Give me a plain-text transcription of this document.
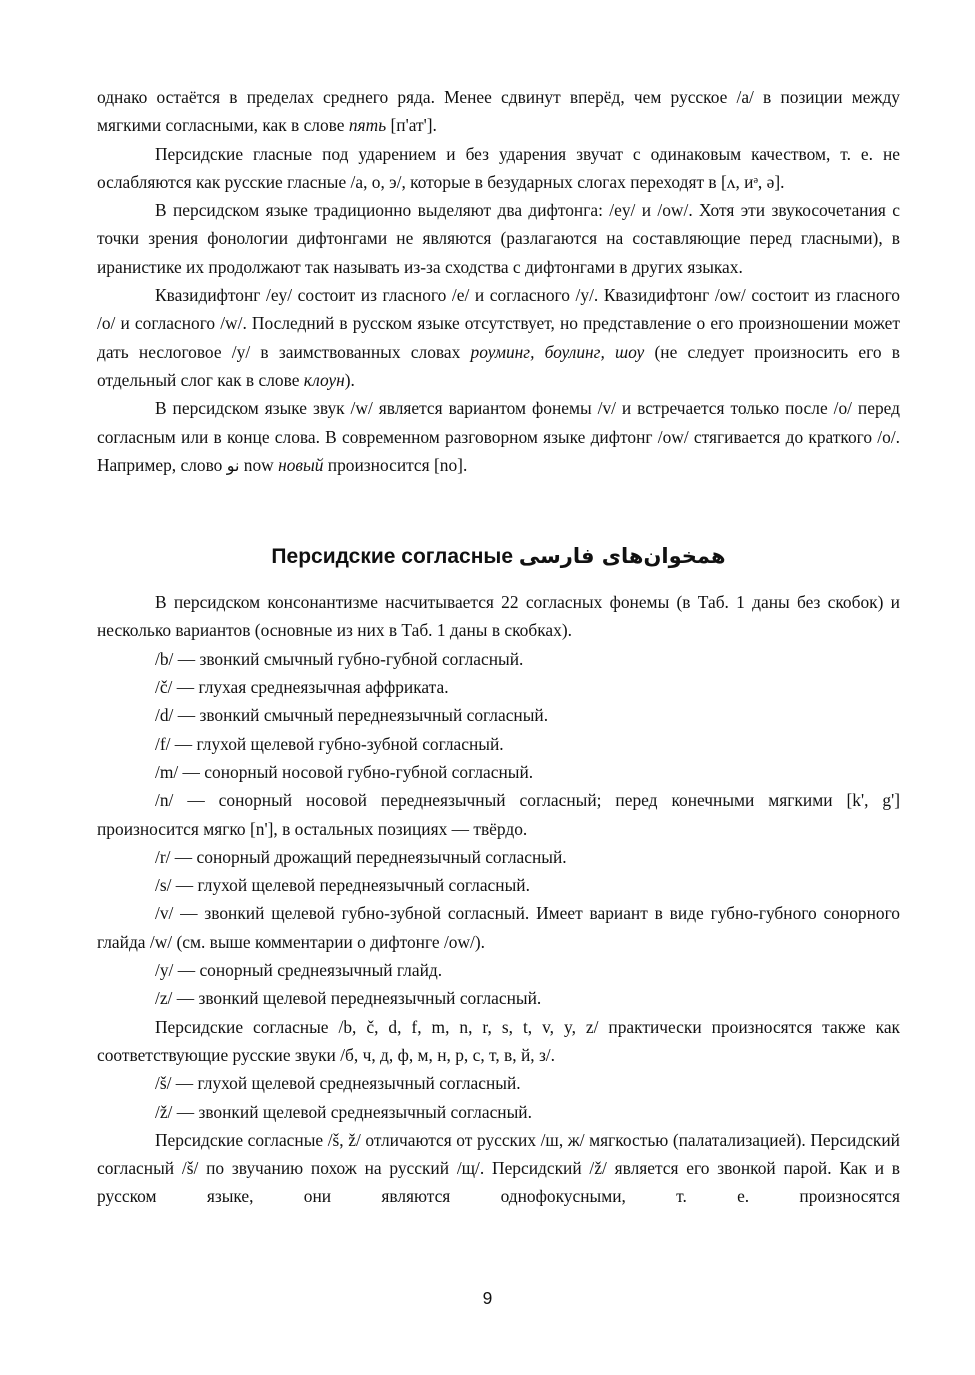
однако остаётся в пределах среднего ряда. Менее сдвинут вперёд, чем русское /а/ в позиции между мягкими согласными, как в слове пять [п'ат'].

Персидские гласные под ударением и без ударения звучат с одинаковым качеством, т. е. не ослабляются как русские гласные /а, о, э/, которые в безударных слогах переходят в [ʌ, иᵊ, ə].

В персидском языке традиционно выделяют два дифтонга: /ey/ и /ow/. Хотя эти звукосочетания с точки зрения фонологии дифтонгами не являются (разлагаются на составляющие перед гласными), в иранистике их продолжают так называть из-за сходства с дифтонгами в других языках.

Квазидифтонг /ey/ состоит из гласного /e/ и согласного /y/. Квазидифтонг /ow/ состоит из гласного /o/ и согласного /w/. Последний в русском языке отсутствует, но представление о его произношении может дать неслоговое /у/ в заимствованных словах роуминг, боулинг, шоу (не следует произносить его в отдельный слог как в слове клоун).

В персидском языке звук /w/ является вариантом фонемы /v/ и встречается только после /o/ перед согласным или в конце слова. В современном разговорном языке дифтонг /ow/ стягивается до краткого /o/. Например, слово نو now новый произносится [no].

Персидские согласные همخوان‌های فارسی

В персидском консонантизме насчитывается 22 согласных фонемы (в Таб. 1 даны без скобок) и несколько вариантов (основные из них в Таб. 1 даны в скобках).

/b/ — звонкий смычный губно-губной согласный.

/č/ — глухая среднеязычная аффриката.

/d/ — звонкий смычный переднеязычный согласный.

/f/ — глухой щелевой губно-зубной согласный.

/m/ — сонорный носовой губно-губной согласный.

/n/ — сонорный носовой переднеязычный согласный; перед конечными мягкими [k', g'] произносится мягко [n'], в остальных позициях — твёрдо.

/r/ — сонорный дрожащий переднеязычный согласный.

/s/ — глухой щелевой переднеязычный согласный.

/v/ — звонкий щелевой губно-зубной согласный. Имеет вариант в виде губно-губного сонорного глайда /w/ (см. выше комментарии о дифтонге /ow/).

/y/ — сонорный среднеязычный глайд.

/z/ — звонкий щелевой переднеязычный согласный.

Персидские согласные /b, č, d, f, m, n, r, s, t, v, y, z/ практически произносятся также как соответствующие русские звуки /б, ч, д, ф, м, н, р, с, т, в, й, з/.

/š/ — глухой щелевой среднеязычный согласный.

/ž/ — звонкий щелевой среднеязычный согласный.

Персидские согласные /š, ž/ отличаются от русских /ш, ж/ мягкостью (палатализацией). Персидский согласный /š/ по звучанию похож на русский /щ/. Персидский /ž/ является его звонкой парой. Как и в русском языке, они являются однофокусными, т. е. произносятся

9
